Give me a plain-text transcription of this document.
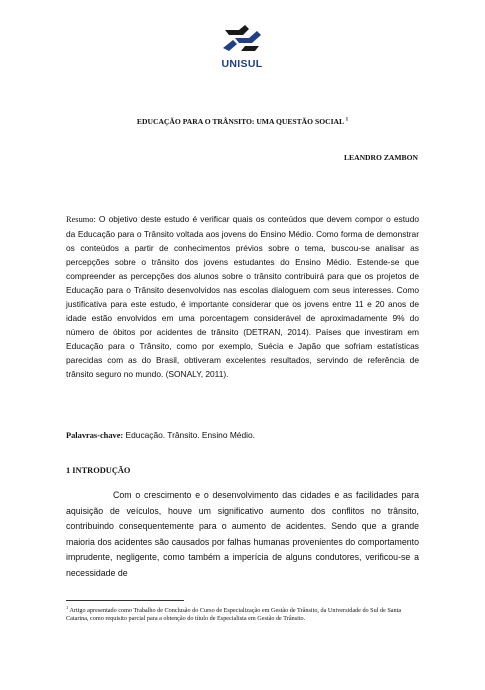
UNISUL
EDUCAÇÃO PARA O TRÂNSITO: UMA QUESTÃO SOCIAL $^1$
LEANDRO ZAMBON

Resumo: O objetivo deste estudo é verificar quais os conteúdos que devem compor o estudo da Educação para o Trânsito voltada aos jovens do Ensino Médio. Como forma de demonstrar os conteúdos a partir de conhecimentos prévios sobre o tema, buscou-se analisar as percepções sobre o trânsito dos jovens estudantes do Ensino Médio. Estende-se que compreender as percepções dos alunos sobre o trânsito contribuirá para que os projetos de Educação para o Trânsito desenvolvidos nas escolas dialoguem com seus interesses. Como justificativa para este estudo, é importante considerar que os jovens entre 11 e 20 anos de idade estão envolvidos em uma porcentagem considerável de aproximadamente 9% do número de óbitos por acidentes de trânsito (DETRAN, 2014). Países que investiram em Educação para o Trânsito, como por exemplo, Suécia e Japão que sofriam estatísticas parecidas com as do Brasil, obtiveram excelentes resultados, servindo de referência de trânsito seguro no mundo. (SONALY, 2011).

Palavras-chave: Educação. Trânsito. Ensino Médio.
1 INTRODUÇÃO

Com o crescimento e o desenvolvimento das cidades e as facilidades para aquisição de veículos, houve um significativo aumento dos conflitos no trânsito, contribuindo consequentemente para o aumento de acidentes. Sendo que a grande maioria dos acidentes são causados por falhas humanas provenientes do comportamento imprudente, negligente, como também a imperícia de alguns condutores, verificou-se a necessidade de

$^1$ Artigo apresentado como Trabalho de Conclusão do Curso de Especialização em Gestão de Trânsito, da Universidade do Sul de Santa Catarina, como requisito parcial para a obtenção do título de Especialista em Gestão de Trânsito.
